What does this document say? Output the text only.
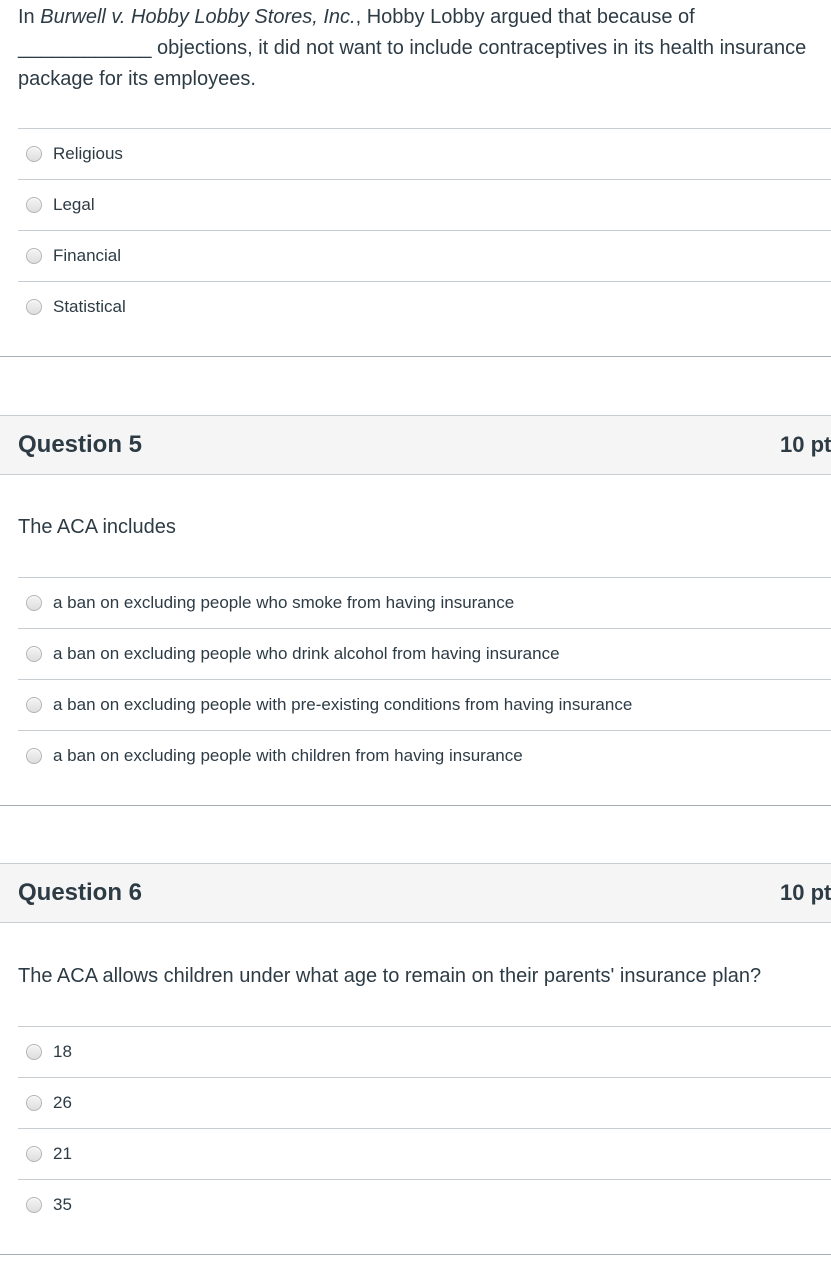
In Burwell v. Hobby Lobby Stores, Inc., Hobby Lobby argued that because of ____________ objections, it did not want to include contraceptives in its health insurance package for its employees.

Religious
Legal
Financial
Statistical
Question 5	10 pt

The ACA includes

a ban on excluding people who smoke from having insurance
a ban on excluding people who drink alcohol from having insurance
a ban on excluding people with pre-existing conditions from having insurance
a ban on excluding people with children from having insurance
Question 6	10 pt

The ACA allows children under what age to remain on their parents' insurance plan?

18
26
21
35
